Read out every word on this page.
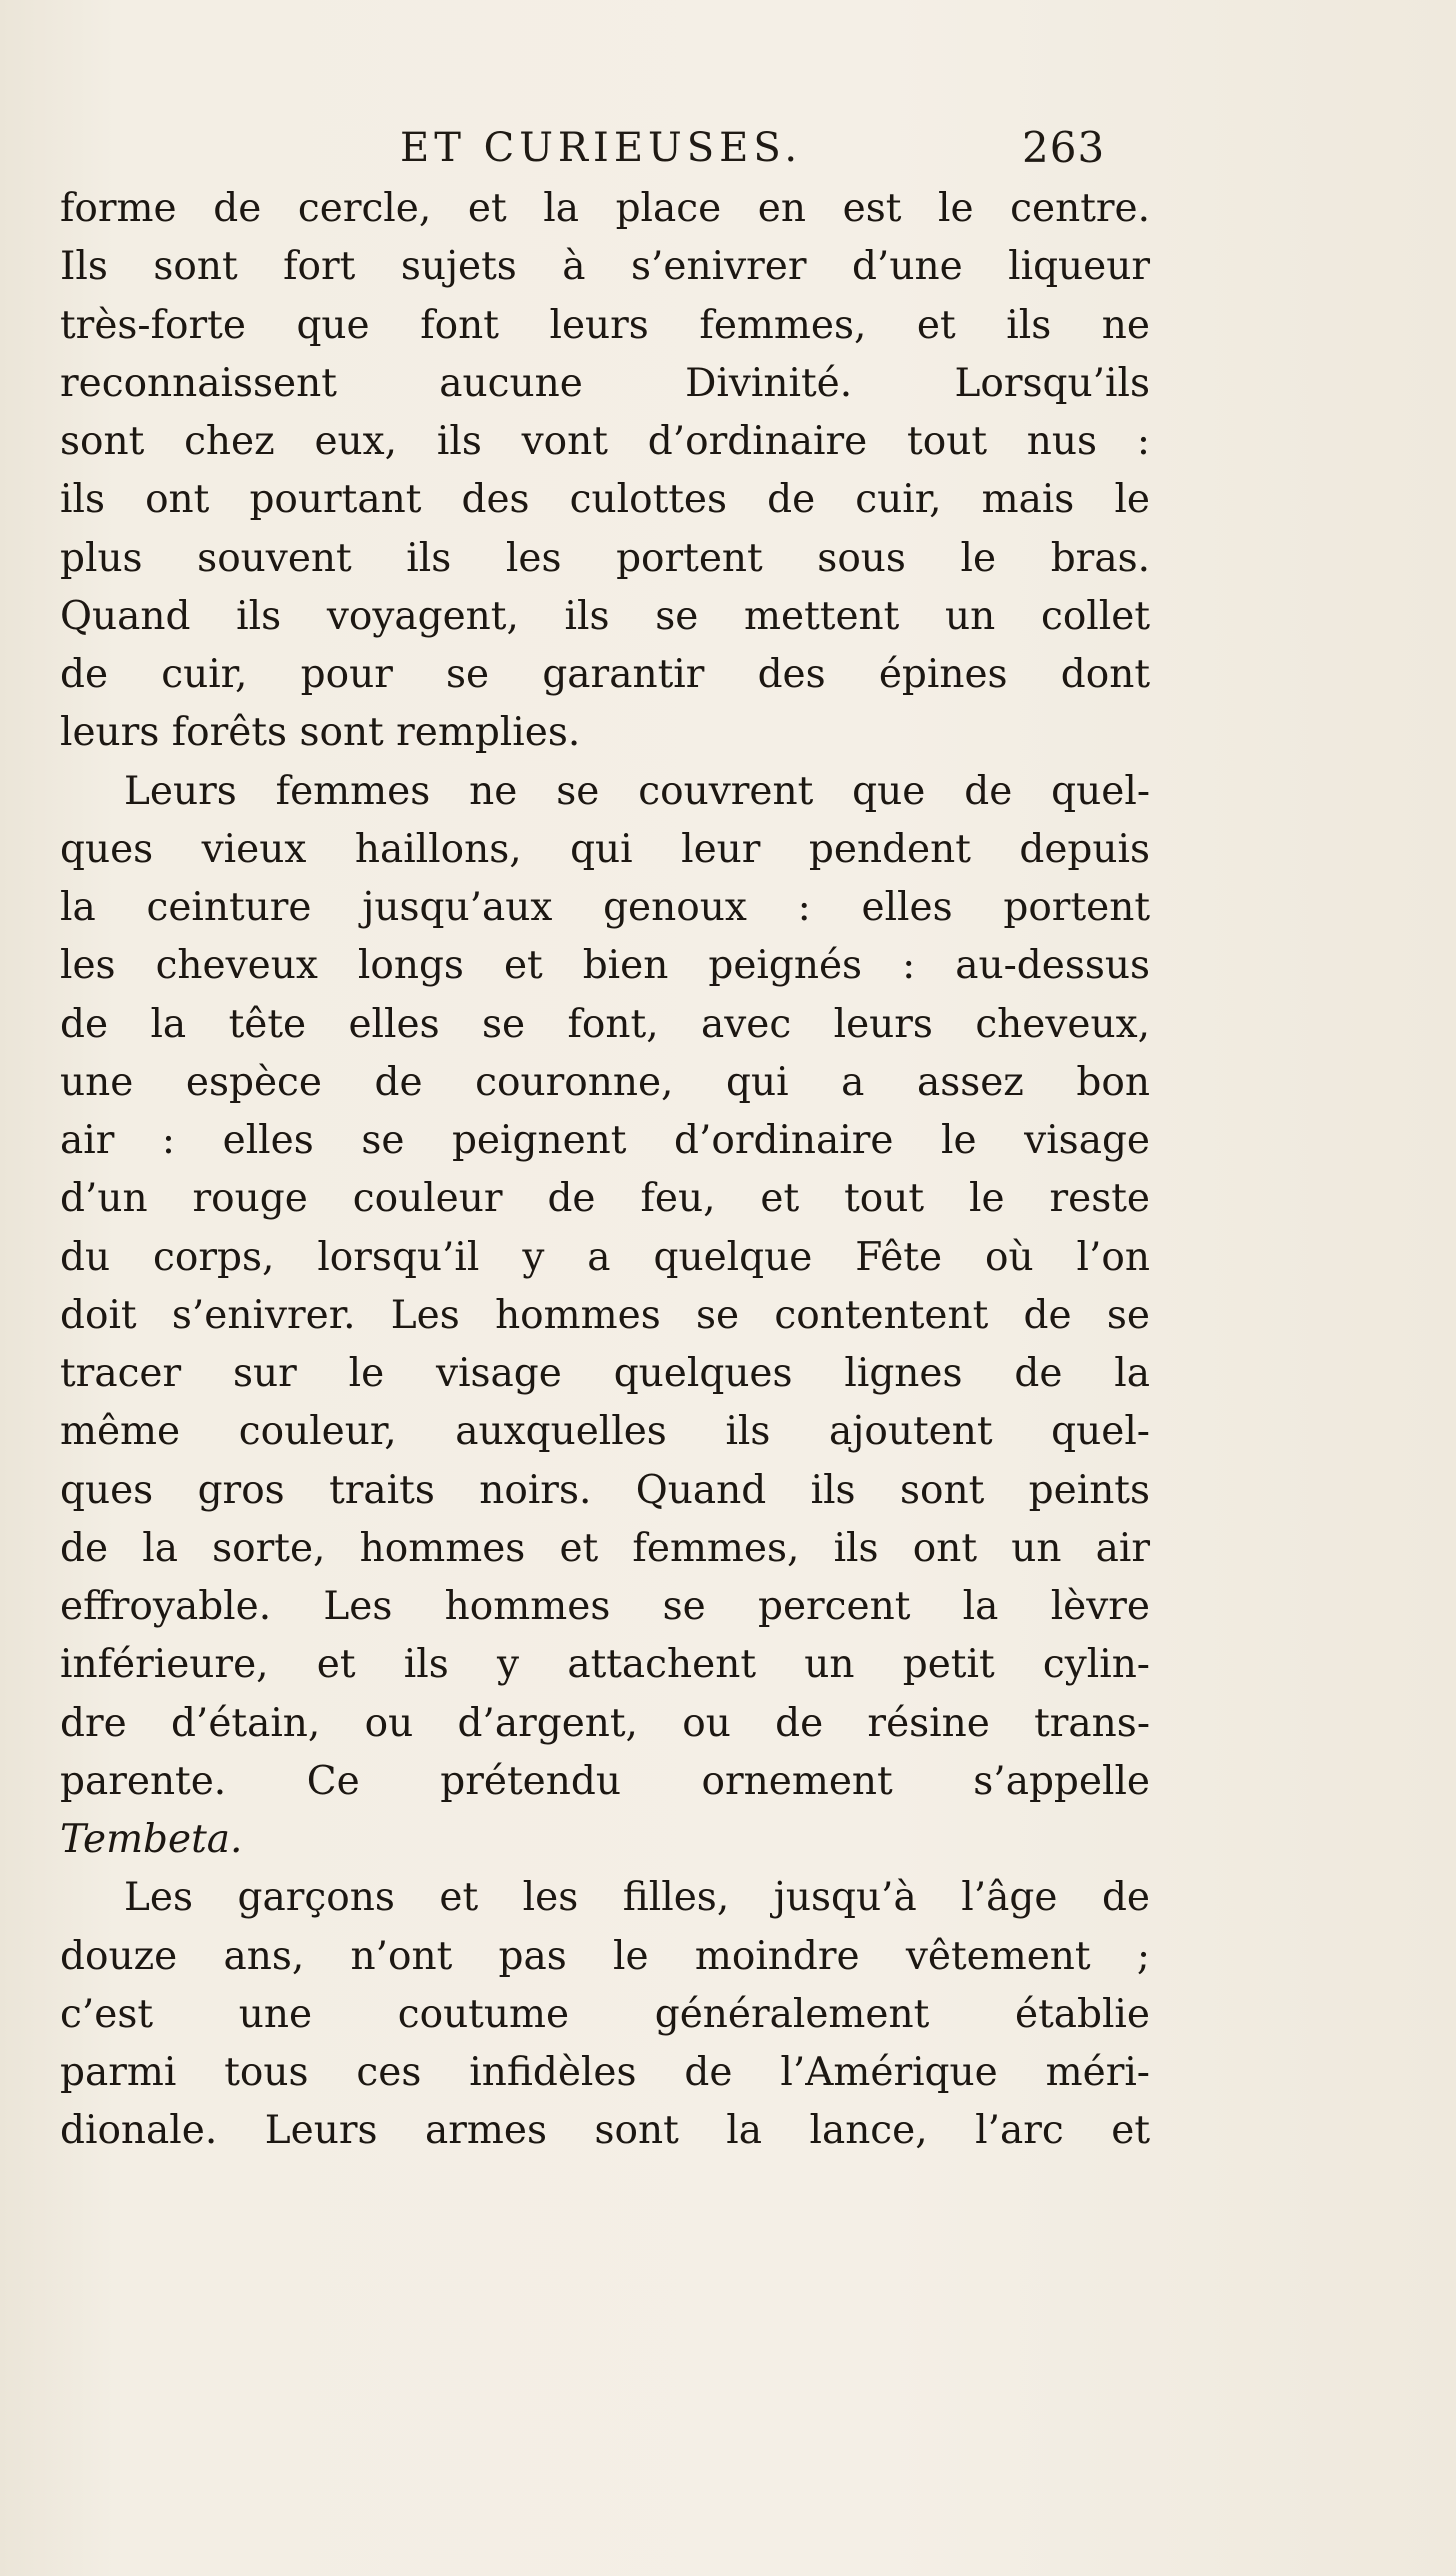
ET CURIEUSES.	263
forme de cercle, et la place en est le centre.
Ils sont fort sujets à s’enivrer d’une liqueur
très-forte que font leurs femmes, et ils ne
reconnaissent aucune Divinité. Lorsqu’ils
sont chez eux, ils vont d’ordinaire tout nus :
ils ont pourtant des culottes de cuir, mais le
plus souvent ils les portent sous le bras.
Quand ils voyagent, ils se mettent un collet
de cuir, pour se garantir des épines dont
leurs forêts sont remplies.
Leurs femmes ne se couvrent que de quel-
ques vieux haillons, qui leur pendent depuis
la ceinture jusqu’aux genoux : elles portent
les cheveux longs et bien peignés : au-dessus
de la tête elles se font, avec leurs cheveux,
une espèce de couronne, qui a assez bon
air : elles se peignent d’ordinaire le visage
d’un rouge couleur de feu, et tout le reste
du corps, lorsqu’il y a quelque Fête où l’on
doit s’enivrer. Les hommes se contentent de se
tracer sur le visage quelques lignes de la
même couleur, auxquelles ils ajoutent quel-
ques gros traits noirs. Quand ils sont peints
de la sorte, hommes et femmes, ils ont un air
effroyable. Les hommes se percent la lèvre
inférieure, et ils y attachent un petit cylin-
dre d’étain, ou d’argent, ou de résine trans-
parente. Ce prétendu ornement s’appelle
Tembeta.
Les garçons et les filles, jusqu’à l’âge de
douze ans, n’ont pas le moindre vêtement ;
c’est une coutume généralement établie
parmi tous ces infidèles de l’Amérique méri-
dionale. Leurs armes sont la lance, l’arc et
